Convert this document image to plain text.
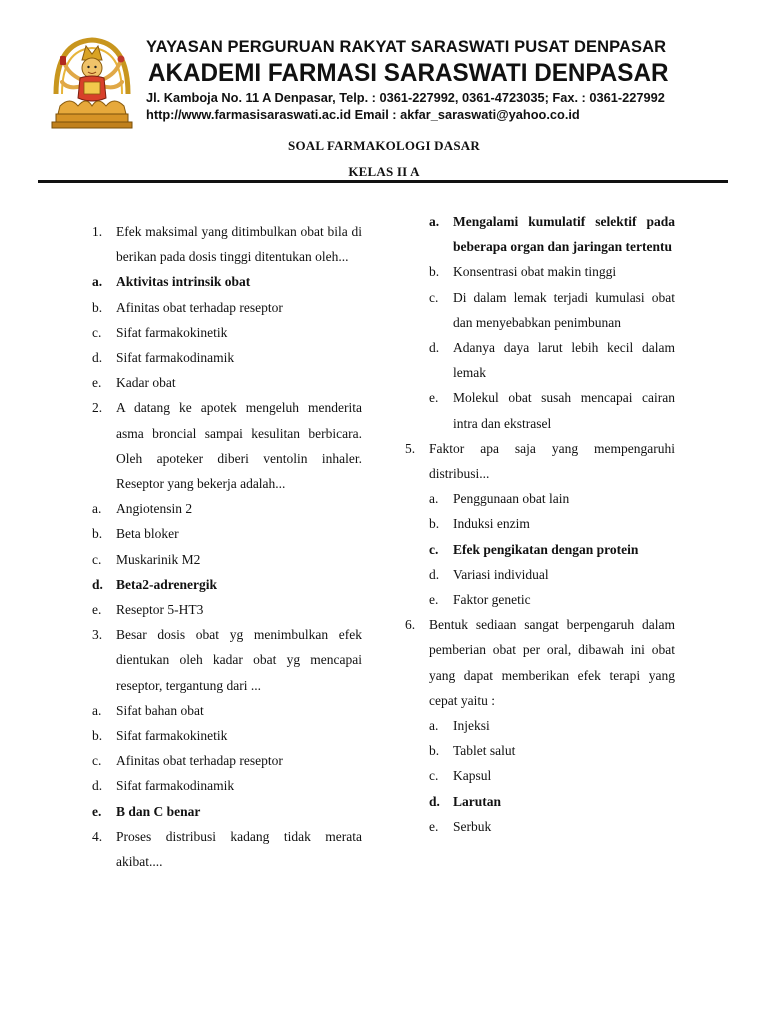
YAYASAN PERGURUAN RAKYAT SARASWATI PUSAT DENPASAR
AKADEMI FARMASI SARASWATI DENPASAR
Jl. Kamboja No. 11 A Denpasar, Telp. : 0361-227992, 0361-4723035; Fax. : 0361-227992
http://www.farmasisaraswati.ac.id Email : akfar_saraswati@yahoo.co.id
SOAL FARMAKOLOGI DASAR
KELAS II A
1. Efek maksimal yang ditimbulkan obat bila di berikan pada dosis tinggi ditentukan oleh...
a. Aktivitas intrinsik obat
b. Afinitas obat terhadap reseptor
c. Sifat farmakokinetik
d. Sifat farmakodinamik
e. Kadar obat
2. A datang ke apotek mengeluh menderita asma broncial sampai kesulitan berbicara. Oleh apoteker diberi ventolin inhaler. Reseptor yang bekerja adalah...
a. Angiotensin 2
b. Beta bloker
c. Muskarinik M2
d. Beta2-adrenergik
e. Reseptor 5-HT3
3. Besar dosis obat yg menimbulkan efek dientukan oleh kadar obat yg mencapai reseptor, tergantung dari ...
a. Sifat bahan obat
b. Sifat farmakokinetik
c. Afinitas obat terhadap reseptor
d. Sifat farmakodinamik
e. B dan C benar
4. Proses distribusi kadang tidak merata akibat....
a. Mengalami kumulatif selektif pada beberapa organ dan jaringan tertentu
b. Konsentrasi obat makin tinggi
c. Di dalam lemak terjadi kumulasi obat dan menyebabkan penimbunan
d. Adanya daya larut lebih kecil dalam lemak
e. Molekul obat susah mencapai cairan intra dan ekstrasel
5. Faktor apa saja yang mempengaruhi distribusi...
a. Penggunaan obat lain
b. Induksi enzim
c. Efek pengikatan dengan protein
d. Variasi individual
e. Faktor genetic
6. Bentuk sediaan sangat berpengaruh dalam pemberian obat per oral, dibawah ini obat yang dapat memberikan efek terapi yang cepat yaitu :
a. Injeksi
b. Tablet salut
c. Kapsul
d. Larutan
e. Serbuk
